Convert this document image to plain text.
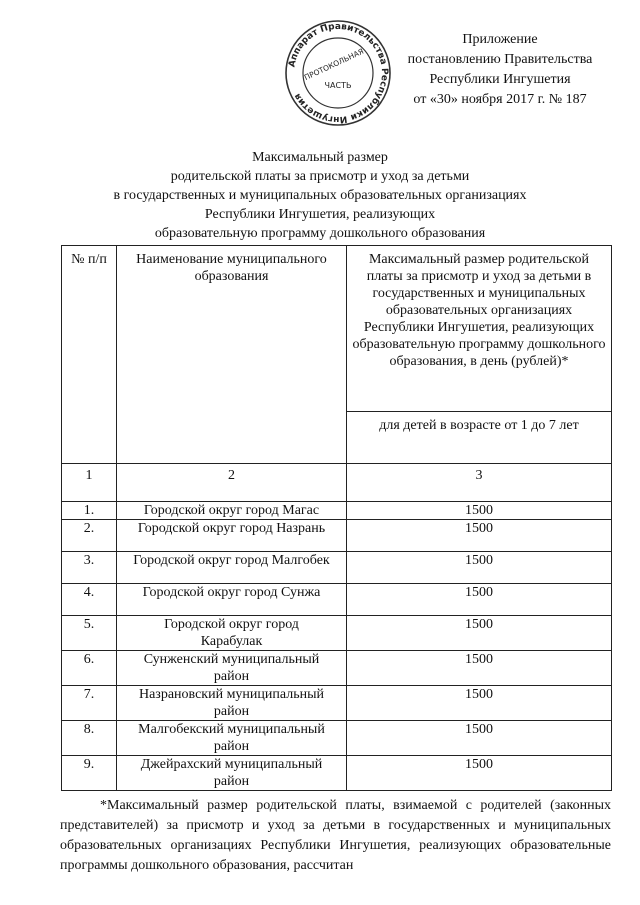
Аппарат Правительства Республики Ингушетия
ПРОТОКОЛЬНАЯ
ЧАСТЬ
Приложение
постановлению Правительства
Республики Ингушетия
от «30» ноября 2017 г. № 187
Максимальный размер
родительской платы за присмотр и уход за детьми
в государственных и муниципальных образовательных организациях
Республики Ингушетия, реализующих
образовательную программу дошкольного образования
№ п/п	Наименование муниципального образования	Максимальный размер родительской платы за присмотр и уход за детьми в государственных и муниципальных образовательных организациях Республики Ингушетия, реализующих образовательную программу дошкольного образования, в день (рублей)*
		для детей в возрасте от 1 до 7 лет
1	2	3
1.	Городской округ город Магас	1500
2.	Городской округ город Назрань	1500
3.	Городской округ город Малгобек	1500
4.	Городской округ город Сунжа	1500
5.	Городской округ город Карабулак	1500
6.	Сунженский муниципальный район	1500
7.	Назрановский муниципальный район	1500
8.	Малгобекский муниципальный район	1500
9.	Джейрахский муниципальный район	1500

*Максимальный размер родительской платы, взимаемой с родителей (законных представителей) за присмотр и уход за детьми в государственных и муниципальных образовательных организациях Республики Ингушетия, реализующих образовательные программы дошкольного образования, рассчитан
